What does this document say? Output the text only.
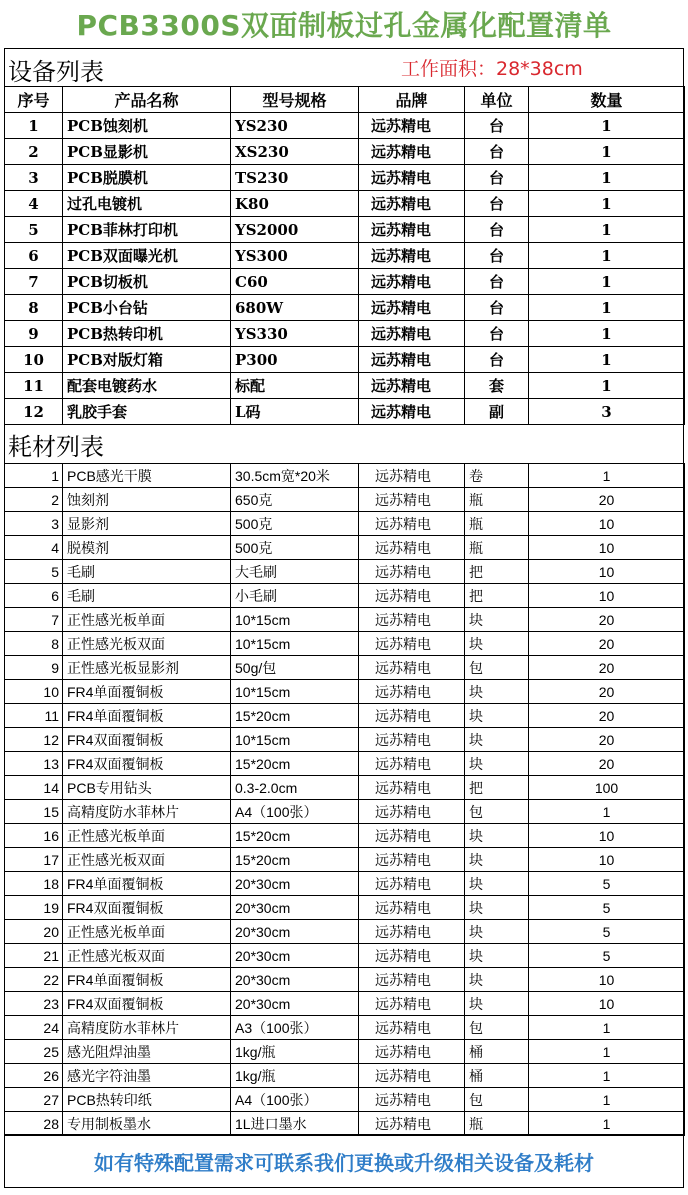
PCB3300S双面制板过孔金属化配置清单
设备列表	工作面积：28*38cm
序号	产品名称	型号规格	品牌	单位	数量
1	PCB蚀刻机	YS230	远苏精电	台	1
2	PCB显影机	XS230	远苏精电	台	1
3	PCB脱膜机	TS230	远苏精电	台	1
4	过孔电镀机	K80	远苏精电	台	1
5	PCB菲林打印机	YS2000	远苏精电	台	1
6	PCB双面曝光机	YS300	远苏精电	台	1
7	PCB切板机	C60	远苏精电	台	1
8	PCB小台钻	680W	远苏精电	台	1
9	PCB热转印机	YS330	远苏精电	台	1
10	PCB对版灯箱	P300	远苏精电	台	1
11	配套电镀药水	标配	远苏精电	套	1
12	乳胶手套	L码	远苏精电	副	3
耗材列表
1	PCB感光干膜	30.5cm宽*20米	远苏精电	卷	1
2	蚀刻剂	650克	远苏精电	瓶	20
3	显影剂	500克	远苏精电	瓶	10
4	脱模剂	500克	远苏精电	瓶	10
5	毛刷	大毛刷	远苏精电	把	10
6	毛刷	小毛刷	远苏精电	把	10
7	正性感光板单面	10*15cm	远苏精电	块	20
8	正性感光板双面	10*15cm	远苏精电	块	20
9	正性感光板显影剂	50g/包	远苏精电	包	20
10	FR4单面覆铜板	10*15cm	远苏精电	块	20
11	FR4单面覆铜板	15*20cm	远苏精电	块	20
12	FR4双面覆铜板	10*15cm	远苏精电	块	20
13	FR4双面覆铜板	15*20cm	远苏精电	块	20
14	PCB专用钻头	0.3-2.0cm	远苏精电	把	100
15	高精度防水菲林片	A4（100张）	远苏精电	包	1
16	正性感光板单面	15*20cm	远苏精电	块	10
17	正性感光板双面	15*20cm	远苏精电	块	10
18	FR4单面覆铜板	20*30cm	远苏精电	块	5
19	FR4双面覆铜板	20*30cm	远苏精电	块	5
20	正性感光板单面	20*30cm	远苏精电	块	5
21	正性感光板双面	20*30cm	远苏精电	块	5
22	FR4单面覆铜板	20*30cm	远苏精电	块	10
23	FR4双面覆铜板	20*30cm	远苏精电	块	10
24	高精度防水菲林片	A3（100张）	远苏精电	包	1
25	感光阻焊油墨	1kg/瓶	远苏精电	桶	1
26	感光字符油墨	1kg/瓶	远苏精电	桶	1
27	PCB热转印纸	A4（100张）	远苏精电	包	1
28	专用制板墨水	1L进口墨水	远苏精电	瓶	1
如有特殊配置需求可联系我们更换或升级相关设备及耗材
